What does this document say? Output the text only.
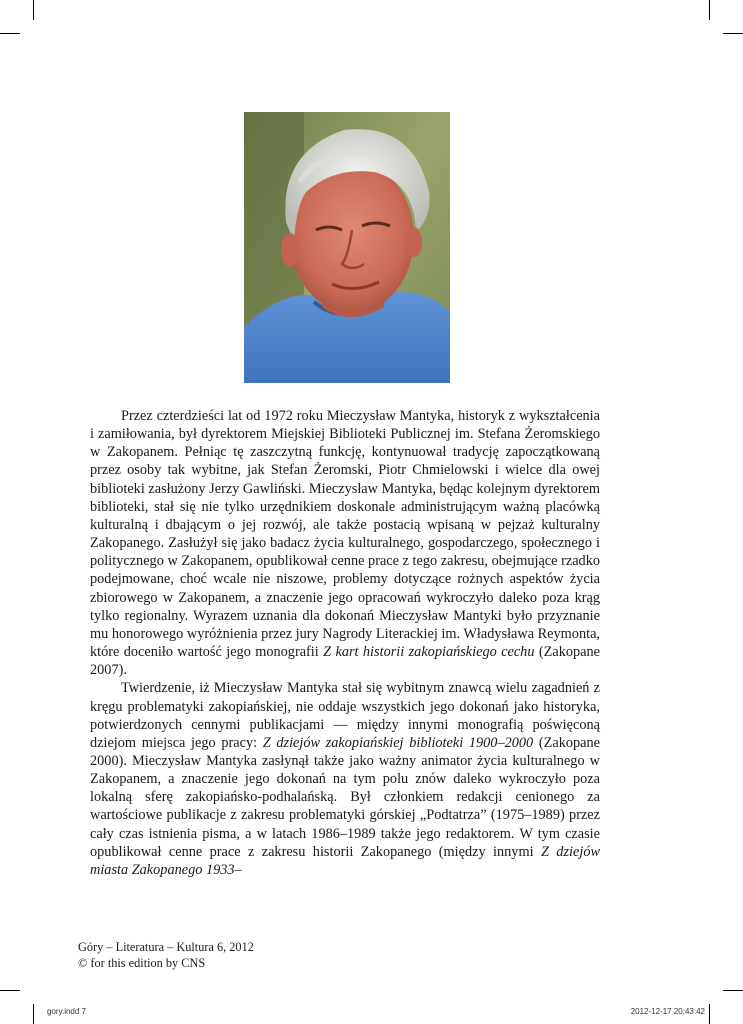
Przez czterdzieści lat od 1972 roku Mieczysław Mantyka, historyk z wykształcenia i zamiłowania, był dyrektorem Miejskiej Biblioteki Publicznej im. Stefana Żeromskiego w Zakopanem. Pełniąc tę zaszczytną funkcję, kontynuował tradycję zapoczątkowaną przez osoby tak wybitne, jak Stefan Żeromski, Piotr Chmielowski i wielce dla owej biblioteki zasłużony Jerzy Gawliński. Mieczysław Mantyka, będąc kolejnym dyrektorem biblioteki, stał się nie tylko urzędnikiem doskonale administrującym ważną placówką kulturalną i dbającym o jej rozwój, ale także postacią wpisaną w pejzaż kulturalny Zakopanego. Zasłużył się jako badacz życia kulturalnego, gospodarczego, społecznego i politycznego w Zakopanem, opublikował cenne prace z tego zakresu, obejmujące rzadko podejmowane, choć wcale nie niszowe, problemy dotyczące rożnych aspektów życia zbiorowego w Zakopanem, a znaczenie jego opracowań wykroczyło daleko poza krąg tylko regionalny. Wyrazem uznania dla dokonań Mieczysław Mantyki było przyznanie mu honorowego wyróżnienia przez jury Nagrody Literackiej im. Władysława Reymonta, które doceniło wartość jego monografii Z kart historii zakopiańskiego cechu (Zakopane 2007).

Twierdzenie, iż Mieczysław Mantyka stał się wybitnym znawcą wielu zagadnień z kręgu problematyki zakopiańskiej, nie oddaje wszystkich jego dokonań jako historyka, potwierdzonych cennymi publikacjami — między innymi monografią poświęconą dziejom miejsca jego pracy: Z dziejów zakopiańskiej biblioteki 1900–2000 (Zakopane 2000). Mieczysław Mantyka zasłynął także jako ważny animator życia kulturalnego w Zakopanem, a znaczenie jego dokonań na tym polu znów daleko wykroczyło poza lokalną sferę zakopiańsko-podhalańską. Był członkiem redakcji cenionego za wartościowe publikacje z zakresu problematyki górskiej „Podtatrza” (1975–1989) przez cały czas istnienia pisma, a w latach 1986–1989 także jego redaktorem. W tym czasie opublikował cenne prace z zakresu historii Zakopanego (między innymi Z dziejów miasta Zakopanego 1933–

Góry – Literatura – Kultura 6, 2012
© for this edition by CNS
gory.indd 7	2012-12-17 20:43:42
